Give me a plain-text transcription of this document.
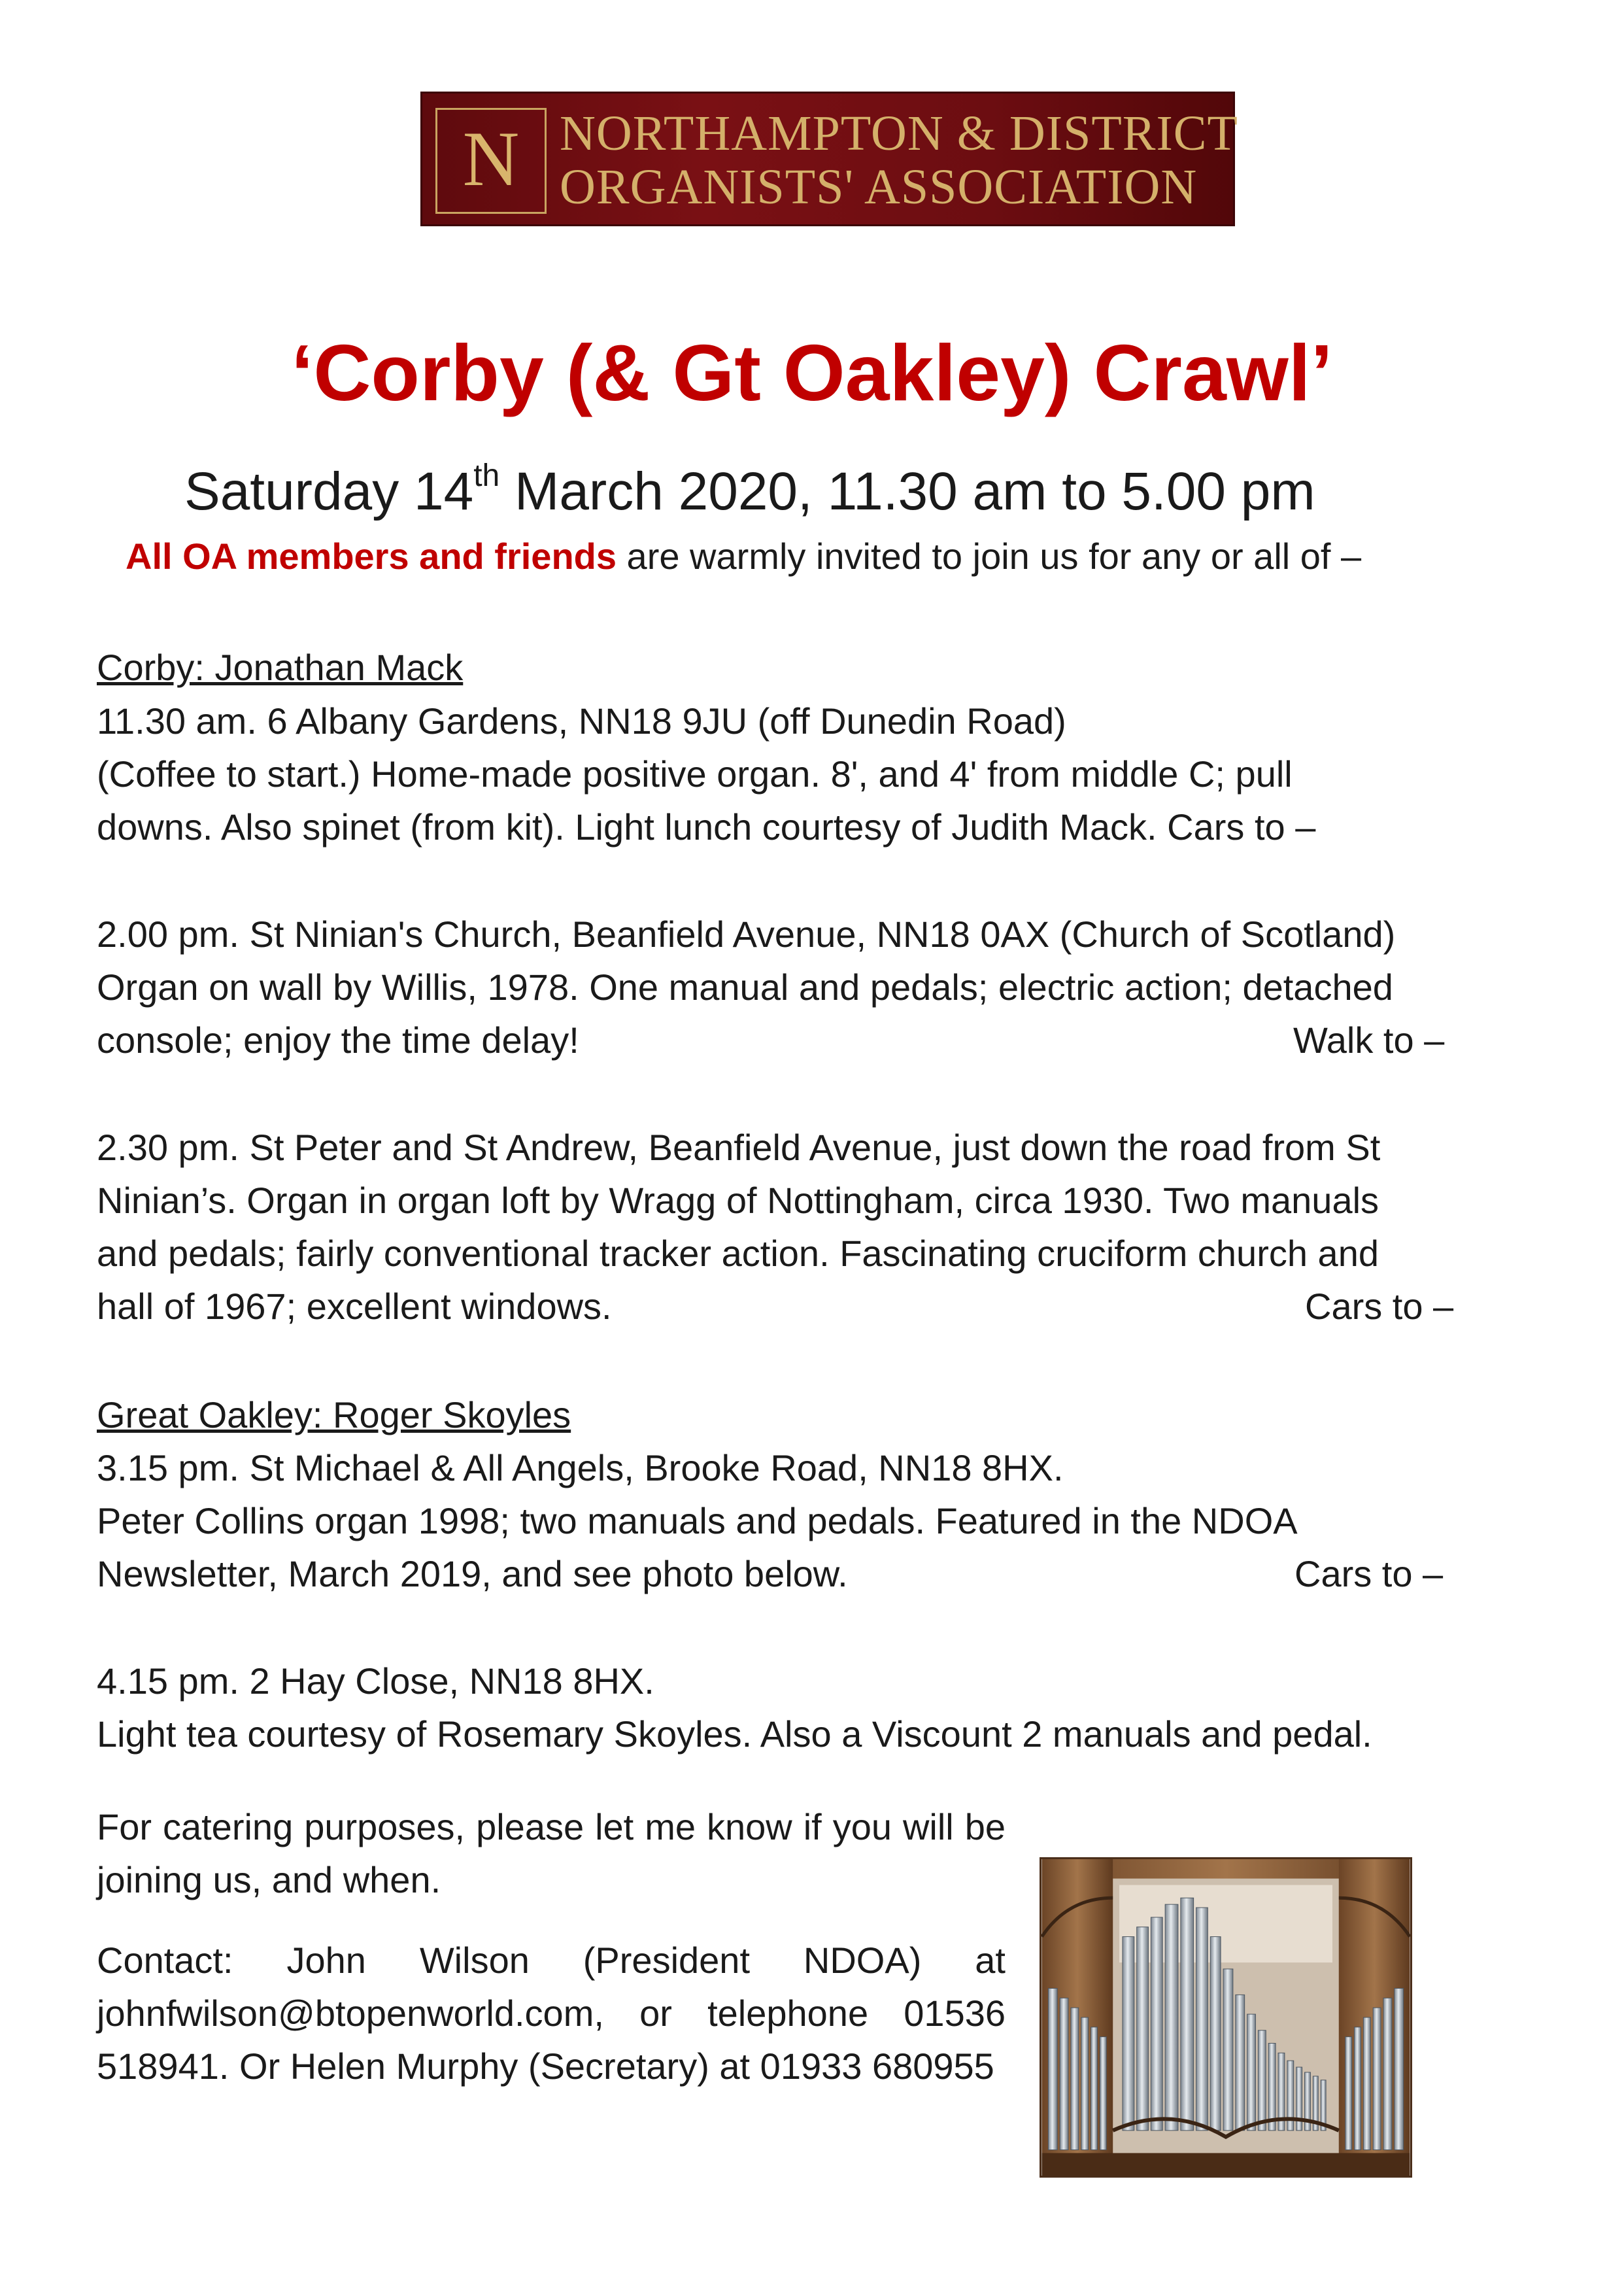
N NORTHAMPTON & DISTRICT
ORGANISTS' ASSOCIATION
‘Corby (& Gt Oakley) Crawl’
Saturday 14th March 2020, 11.30 am to 5.00 pm
All OA members and friends are warmly invited to join us for any or all of –
Corby: Jonathan Mack
11.30 am. 6 Albany Gardens, NN18 9JU (off Dunedin Road)
(Coffee to start.) Home-made positive organ. 8', and 4' from middle C; pull
downs. Also spinet (from kit). Light lunch courtesy of Judith Mack. Cars to –
2.00 pm. St Ninian's Church, Beanfield Avenue, NN18 0AX (Church of Scotland)
Organ on wall by Willis, 1978. One manual and pedals; electric action; detached
console; enjoy the time delay!	Walk to –
2.30 pm. St Peter and St Andrew, Beanfield Avenue, just down the road from St
Ninian’s. Organ in organ loft by Wragg of Nottingham, circa 1930. Two manuals
and pedals; fairly conventional tracker action. Fascinating cruciform church and
hall of 1967; excellent windows.	Cars to –
Great Oakley: Roger Skoyles
3.15 pm. St Michael & All Angels, Brooke Road, NN18 8HX.
Peter Collins organ 1998; two manuals and pedals. Featured in the NDOA
Newsletter, March 2019, and see photo below.	Cars to –
4.15 pm. 2 Hay Close, NN18 8HX.
Light tea courtesy of Rosemary Skoyles. Also a Viscount 2 manuals and pedal.
For catering purposes, please let me know if you will be joining us, and when.
Contact: John Wilson (President NDOA) at johnfwilson@btopenworld.com, or telephone 01536 518941. Or Helen Murphy (Secretary) at 01933 680955
